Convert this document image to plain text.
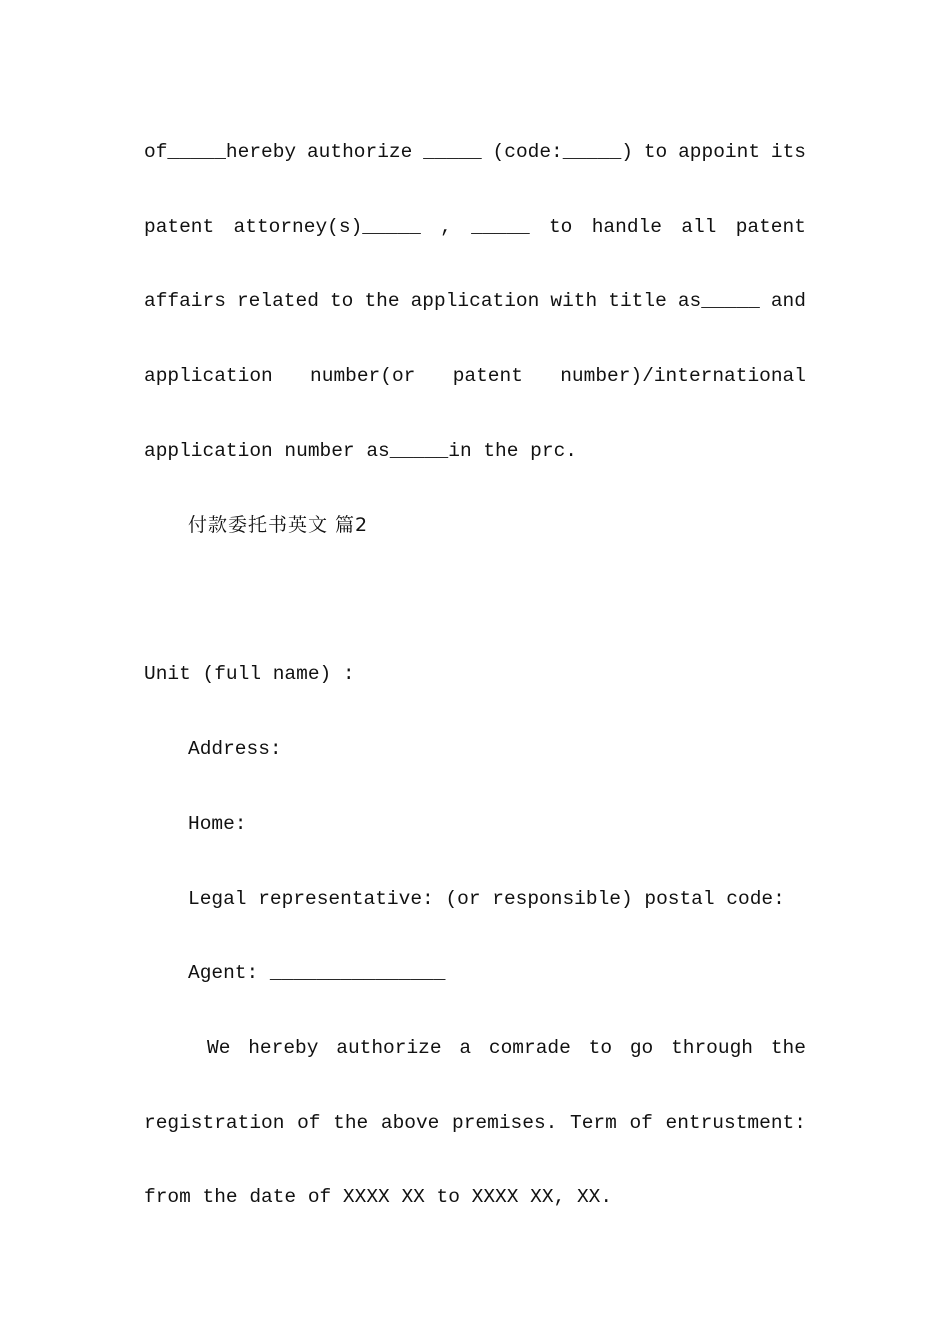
of_____hereby authorize _____ (code:_____) to appoint its
patent attorney(s)_____ , _____ to handle all patent
affairs related to the application with title as_____ and
application number(or patent number)/international
application number as_____in the prc.
付款委托书英文 篇2
Unit (full name) :
Address:
Home:
Legal representative: (or responsible) postal code:
Agent: _______________
We hereby authorize a comrade to go through the
registration of the above premises. Term of entrustment:
from the date of XXXX XX to XXXX XX, XX.
